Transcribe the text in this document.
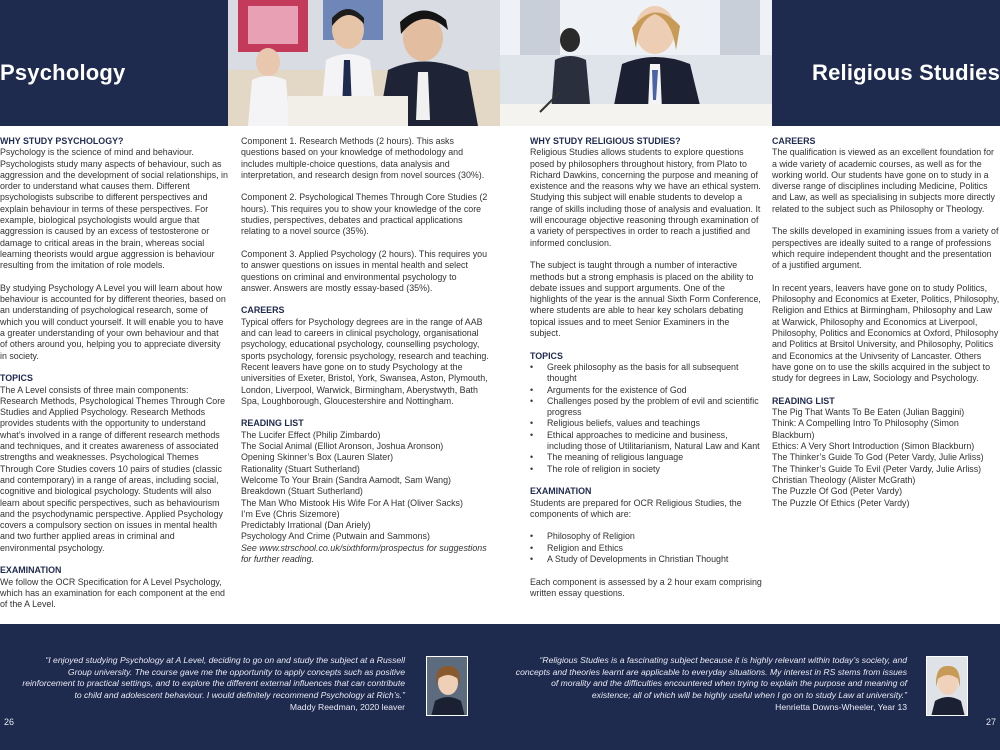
Psychology	Religious Studies
WHY STUDY PSYCHOLOGY?
Psychology is the science of mind and behaviour. Psychologists study many aspects of behaviour, such as aggression and the development of social relationships, in order to understand what causes them. Different psychologists subscribe to different perspectives and explain behaviour in terms of these perspectives. For example, biological psychologists would argue that aggression is caused by an excess of testosterone or damage to critical areas in the brain, whereas social learning theorists would argue aggression is behaviour resulting from the imitation of role models.
By studying Psychology A Level you will learn about how behaviour is accounted for by different theories, based on an understanding of psychological research, some of which you will conduct yourself. It will enable you to have a greater understanding of your own behaviour and that of others around you, helping you to appreciate diversity in society.
TOPICS
The A Level consists of three main components: Research Methods, Psychological Themes Through Core Studies and Applied Psychology. Research Methods provides students with the opportunity to understand what’s involved in a range of different research methods and techniques, and it creates awareness of associated strengths and weaknesses. Psychological Themes Through Core Studies covers 10 pairs of studies (classic and contemporary) in a range of areas, including social, cognitive and biological psychology. Students will also learn about specific perspectives, such as behaviourism and the psychodynamic perspective. Applied Psychology covers a compulsory section on issues in mental health and two further applied areas in criminal and environmental psychology.
EXAMINATION
We follow the OCR Specification for A Level Psychology, which has an examination for each component at the end of the A Level.
Component 1. Research Methods (2 hours). This asks questions based on your knowledge of methodology and includes multiple-choice questions, data analysis and interpretation, and research design from novel sources (30%).
Component 2. Psychological Themes Through Core Studies (2 hours). This requires you to show your knowledge of the core studies, perspectives, debates and practical applications relating to a novel source (35%).
Component 3. Applied Psychology (2 hours). This requires you to answer questions on issues in mental health and select questions on criminal and environmental psychology to answer. Answers are mostly essay-based (35%).
CAREERS
Typical offers for Psychology degrees are in the range of AAB and can lead to careers in clinical psychology, organisational psychology, educational psychology, counselling psychology, sports psychology, forensic psychology, research and teaching. Recent leavers have gone on to study Psychology at the universities of Exeter, Bristol, York, Swansea, Aston, Plymouth, London, Liverpool, Warwick, Birmingham, Aberystwyth, Bath Spa, Loughborough, Gloucestershire and Nottingham.
READING LIST
The Lucifer Effect (Philip Zimbardo)
The Social Animal (Elliot Aronson, Joshua Aronson)
Opening Skinner’s Box (Lauren Slater)
Rationality (Stuart Sutherland)
Welcome To Your Brain (Sandra Aamodt, Sam Wang)
Breakdown (Stuart Sutherland)
The Man Who Mistook His Wife For A Hat (Oliver Sacks)
I’m Eve (Chris Sizemore)
Predictably Irrational (Dan Ariely)
Psychology And Crime (Putwain and Sammons)
See www.strschool.co.uk/sixthform/prospectus for suggestions for further reading.
WHY STUDY RELIGIOUS STUDIES?
Religious Studies allows students to explore questions posed by philosophers throughout history, from Plato to Richard Dawkins, concerning the purpose and meaning of existence and the reasons why we have an ethical system. Studying this subject will enable students to develop a range of skills including those of analysis and evaluation. It will encourage objective reasoning through examination of a variety of perspectives in order to reach a justified and informed conclusion.
The subject is taught through a number of interactive methods but a strong emphasis is placed on the ability to debate issues and support arguments. One of the highlights of the year is the annual Sixth Form Conference, where students are able to hear key scholars debating topical issues and to meet Senior Examiners in the subject.
TOPICS
• Greek philosophy as the basis for all subsequent thought
• Arguments for the existence of God
• Challenges posed by the problem of evil and scientific progress
• Religious beliefs, values and teachings
• Ethical approaches to medicine and business, including those of Utilitarianism, Natural Law and Kant
• The meaning of religious language
• The role of religion in society
EXAMINATION
Students are prepared for OCR Religious Studies, the components of which are:
• Philosophy of Religion
• Religion and Ethics
• A Study of Developments in Christian Thought
Each component is assessed by a 2 hour exam comprising written essay questions.
CAREERS
The qualification is viewed as an excellent foundation for a wide variety of academic courses, as well as for the working world. Our students have gone on to study in a diverse range of disciplines including Medicine, Politics and Law, as well as specialising in subjects more directly related to the subject such as Philosophy or Theology.
The skills developed in examining issues from a variety of perspectives are ideally suited to a range of professions which require independent thought and the presentation of a justified argument.
In recent years, leavers have gone on to study Politics, Philosophy and Economics at Exeter, Politics, Philosophy, Religion and Ethics at Birmingham, Philosophy and Law at Warwick, Philosophy and Economics at Liverpool, Philosophy, Politics and Economics at Oxford, Philosophy and Politics at Brsitol University, and Philosophy, Politics and Economics at the Univserity of Lancaster. Others have gone on to use the skills acquired in the subject to study for degrees in Law, Sociology and Psychology.
READING LIST
The Pig That Wants To Be Eaten (Julian Baggini)
Think: A Compelling Intro To Philosophy (Simon Blackburn)
Ethics: A Very Short Introduction (Simon Blackburn)
The Thinker’s Guide To God (Peter Vardy, Julie Arliss)
The Thinker’s Guide To Evil (Peter Vardy, Julie Arliss)
Christian Theology (Alister McGrath)
The Puzzle Of God (Peter Vardy)
The Puzzle Of Ethics (Peter Vardy)
“I enjoyed studying Psychology at A Level, deciding to go on and study the subject at a Russell Group university. The course gave me the opportunity to apply concepts such as positive reinforcement to practical settings, and to explore the different external influences that can contribute to child and adolescent behaviour. I would definitely recommend Psychology at Rich’s.”
Maddy Reedman, 2020 leaver
“Religious Studies is a fascinating subject because it is highly relevant within today’s society, and concepts and theories learnt are applicable to everyday situations. My interest in RS stems from issues of morality and the difficulties encountered when trying to explain the purpose and meaning of existence; all of which will be highly useful when I go on to study Law at university.”
Henrietta Downs-Wheeler, Year 13
26	27
